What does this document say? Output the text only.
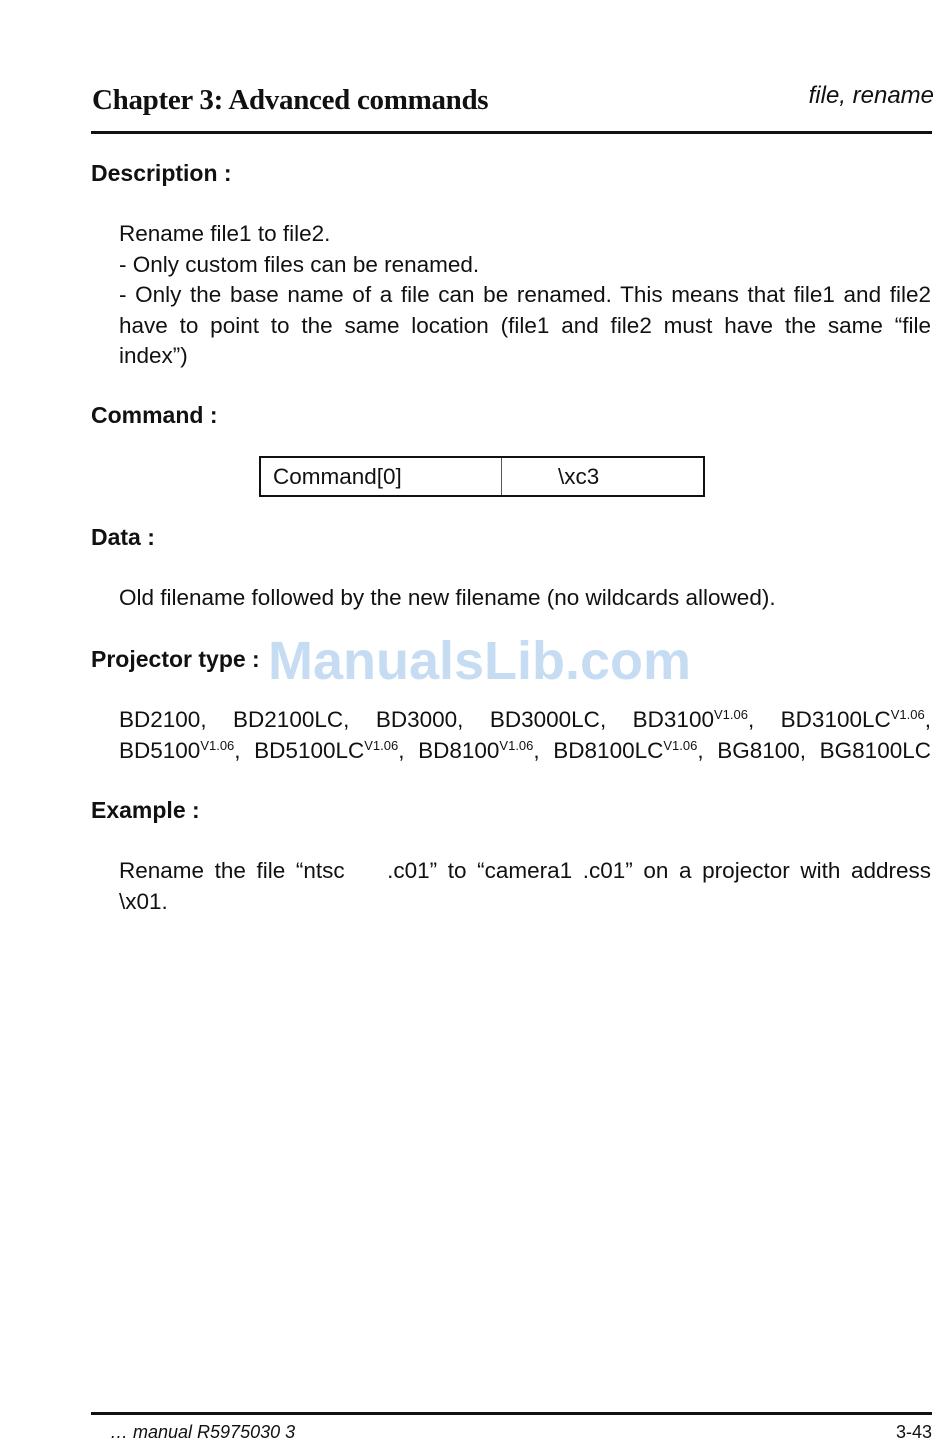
Chapter 3: Advanced commands	file, rename
Description :
Rename file1 to file2.
- Only custom files can be renamed.
- Only the base name of a file can be renamed. This means that file1 and file2
have to point to the same location (file1 and file2 must have the same “file
index”)
Command :
Command[0]	\xc3
Data :
Old filename followed by the new filename (no wildcards allowed).
Projector type :
BD2100, BD2100LC, BD3000, BD3000LC, $BD3100^{V1.06}$, $BD3100LC^{V1.06}$,
$BD5100^{V1.06}$, $BD5100LC^{V1.06}$, $BD8100^{V1.06}$, $BD8100LC^{V1.06}$, BG8100, BG8100LC
ManualsLib.com
Example :
Rename the file “ntsc    .c01” to “camera1 .c01” on a projector with address
\x01.
… manual R5975030 3	3-43
